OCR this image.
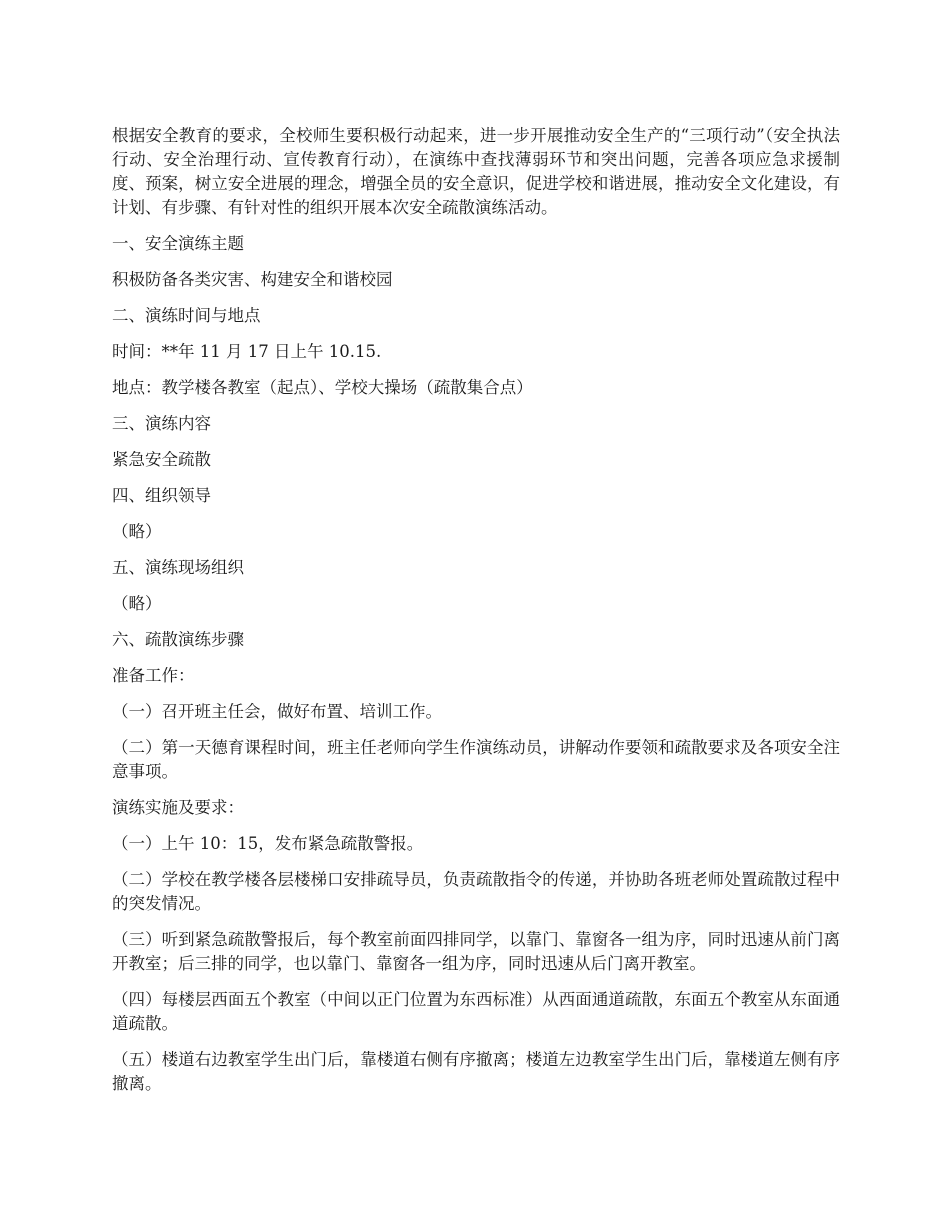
根据安全教育的要求，全校师生要积极行动起来，进一步开展推动安全生产的“三项行动”（安全执法行动、安全治理行动、宣传教育行动），在演练中查找薄弱环节和突出问题，完善各项应急求援制度、预案，树立安全进展的理念，增强全员的安全意识，促进学校和谐进展，推动安全文化建设，有计划、有步骤、有针对性的组织开展本次安全疏散演练活动。

一、安全演练主题

积极防备各类灾害、构建安全和谐校园

二、演练时间与地点

时间：**年 11 月 17 日上午 10.15.

地点：教学楼各教室（起点）、学校大操场（疏散集合点）

三、演练内容

紧急安全疏散

四、组织领导

（略）

五、演练现场组织

（略）

六、疏散演练步骤

准备工作：

（一）召开班主任会，做好布置、培训工作。

（二）第一天德育课程时间，班主任老师向学生作演练动员，讲解动作要领和疏散要求及各项安全注意事项。

演练实施及要求：

（一）上午 10：15，发布紧急疏散警报。

（二）学校在教学楼各层楼梯口安排疏导员，负责疏散指令的传递，并协助各班老师处置疏散过程中的突发情况。

（三）听到紧急疏散警报后，每个教室前面四排同学，以靠门、靠窗各一组为序，同时迅速从前门离开教室；后三排的同学，也以靠门、靠窗各一组为序，同时迅速从后门离开教室。

（四）每楼层西面五个教室（中间以正门位置为东西标准）从西面通道疏散，东面五个教室从东面通道疏散。

（五）楼道右边教室学生出门后，靠楼道右侧有序撤离；楼道左边教室学生出门后，靠楼道左侧有序撤离。
